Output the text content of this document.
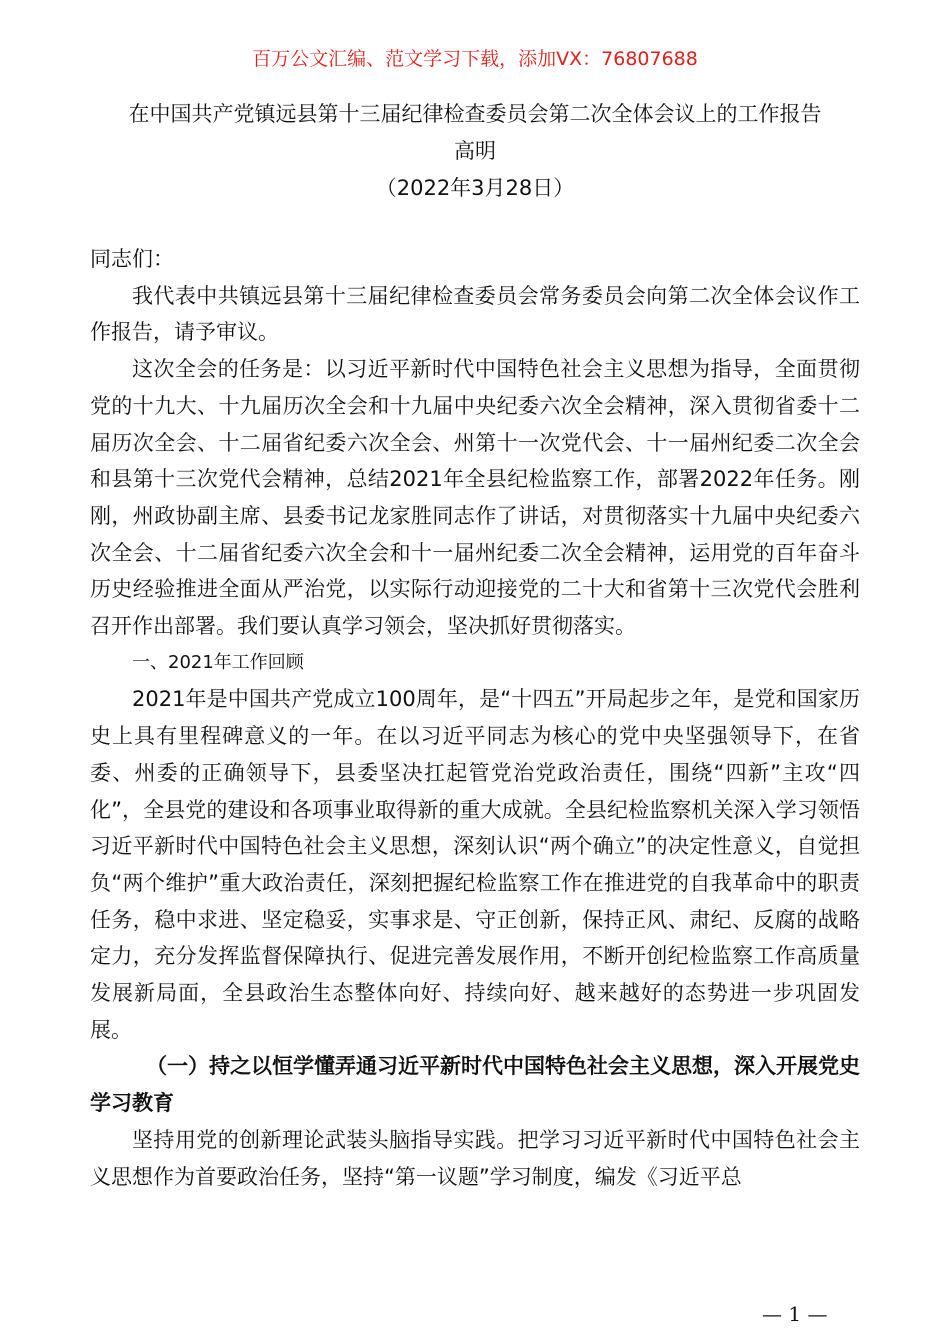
百万公文汇编、范文学习下载，添加VX：76807688
在中国共产党镇远县第十三届纪律检查委员会第二次全体会议上的工作报告
高明
（2022年3月28日）

同志们：

我代表中共镇远县第十三届纪律检查委员会常务委员会向第二次全体会议作工作报告，请予审议。

这次全会的任务是：以习近平新时代中国特色社会主义思想为指导，全面贯彻党的十九大、十九届历次全会和十九届中央纪委六次全会精神，深入贯彻省委十二届历次全会、十二届省纪委六次全会、州第十一次党代会、十一届州纪委二次全会和县第十三次党代会精神，总结2021年全县纪检监察工作，部署2022年任务。刚刚，州政协副主席、县委书记龙家胜同志作了讲话，对贯彻落实十九届中央纪委六次全会、十二届省纪委六次全会和十一届州纪委二次全会精神，运用党的百年奋斗历史经验推进全面从严治党，以实际行动迎接党的二十大和省第十三次党代会胜利召开作出部署。我们要认真学习领会，坚决抓好贯彻落实。

一、2021年工作回顾

2021年是中国共产党成立100周年，是“十四五”开局起步之年，是党和国家历史上具有里程碑意义的一年。在以习近平同志为核心的党中央坚强领导下，在省委、州委的正确领导下，县委坚决扛起管党治党政治责任，围绕“四新”主攻“四化”，全县党的建设和各项事业取得新的重大成就。全县纪检监察机关深入学习领悟习近平新时代中国特色社会主义思想，深刻认识“两个确立”的决定性意义，自觉担负“两个维护”重大政治责任，深刻把握纪检监察工作在推进党的自我革命中的职责任务，稳中求进、坚定稳妥，实事求是、守正创新，保持正风、肃纪、反腐的战略定力，充分发挥监督保障执行、促进完善发展作用，不断开创纪检监察工作高质量发展新局面，全县政治生态整体向好、持续向好、越来越好的态势进一步巩固发展。

（一）持之以恒学懂弄通习近平新时代中国特色社会主义思想，深入开展党史学习教育

坚持用党的创新理论武装头脑指导实践。把学习习近平新时代中国特色社会主义思想作为首要政治任务，坚持“第一议题”学习制度，编发《习近平总

— 1 —
